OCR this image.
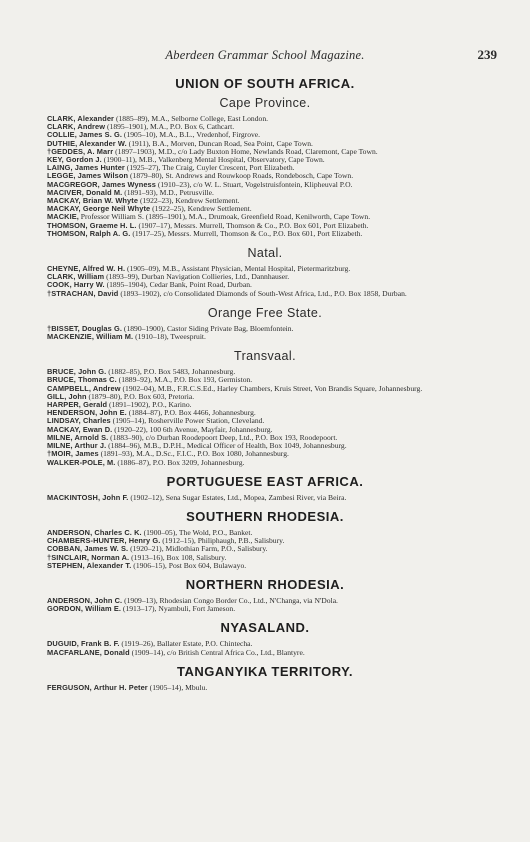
Aberdeen Grammar School Magazine.	239
UNION OF SOUTH AFRICA.
Cape Province.

CLARK, Alexander (1885–89), M.A., Selborne College, East London.

CLARK, Andrew (1895–1901), M.A., P.O. Box 6, Cathcart.

COLLIE, James S. G. (1905–10), M.A., B.L., Vredenhof, Firgrove.

DUTHIE, Alexander W. (1911), B.A., Morven, Duncan Road, Sea Point, Cape Town.

†GEDDES, A. Marr (1897–1903), M.D., c/o Lady Buxton Home, Newlands Road, Claremont, Cape Town.

KEY, Gordon J. (1900–11), M.B., Valkenberg Mental Hospital, Observatory, Cape Town.

LAING, James Hunter (1925–27), The Craig, Cuyler Crescent, Port Elizabeth.

LEGGE, James Wilson (1879–80), St. Andrews and Rouwkoop Roads, Rondebosch, Cape Town.

MACGREGOR, James Wyness (1910–23), c/o W. L. Stuart, Vogelstruisfontein, Klipheuval P.O.

MACIVER, Donald M. (1891–93), M.D., Petrusville.

MACKAY, Brian W. Whyte (1922–23), Kendrew Settlement.

MACKAY, George Neil Whyte (1922–25), Kendrew Settlement.

MACKIE, Professor William S. (1895–1901), M.A., Drumoak, Greenfield Road, Kenilworth, Cape Town.

THOMSON, Graeme H. L. (1907–17), Messrs. Murrell, Thomson & Co., P.O. Box 601, Port Elizabeth.

THOMSON, Ralph A. G. (1917–25), Messrs. Murrell, Thomson & Co., P.O. Box 601, Port Elizabeth.

Natal.

CHEYNE, Alfred W. H. (1905–09), M.B., Assistant Physician, Mental Hospital, Pietermaritzburg.

CLARK, William (1893–99), Durban Navigation Collieries, Ltd., Dannhauser.

COOK, Harry W. (1895–1904), Cedar Bank, Point Road, Durban.

†STRACHAN, David (1893–1902), c/o Consolidated Diamonds of South-West Africa, Ltd., P.O. Box 1858, Durban.

Orange Free State.

†BISSET, Douglas G. (1890–1900), Castor Siding Private Bag, Bloemfontein.

MACKENZIE, William M. (1910–18), Tweespruit.

Transvaal.

BRUCE, John G. (1882–85), P.O. Box 5483, Johannesburg.

BRUCE, Thomas C. (1889–92), M.A., P.O. Box 193, Germiston.

CAMPBELL, Andrew (1902–04), M.B., F.R.C.S.Ed., Harley Chambers, Kruis Street, Von Brandis Square, Johannesburg.

GILL, John (1879–80), P.O. Box 603, Pretoria.

HARPER, Gerald (1891–1902), P.O., Karino.

HENDERSON, John E. (1884–87), P.O. Box 4466, Johannesburg.

LINDSAY, Charles (1905–14), Rosherville Power Station, Cleveland.

MACKAY, Ewan D. (1920–22), 100 6th Avenue, Mayfair, Johannesburg.

MILNE, Arnold S. (1883–90), c/o Durban Roodepoort Deep, Ltd., P.O. Box 193, Roodepoort.

MILNE, Arthur J. (1884–96), M.B., D.P.H., Medical Officer of Health, Box 1049, Johannesburg.

†MOIR, James (1891–93), M.A., D.Sc., F.I.C., P.O. Box 1080, Johannesburg.

WALKER-POLE, M. (1886–87), P.O. Box 3209, Johannesburg.

PORTUGUESE EAST AFRICA.

MACKINTOSH, John F. (1902–12), Sena Sugar Estates, Ltd., Mopea, Zambesi River, via Beira.

SOUTHERN RHODESIA.

ANDERSON, Charles C. K. (1900–05), The Wold, P.O., Banket.

CHAMBERS-HUNTER, Henry G. (1912–15), Philiphaugh, P.B., Salisbury.

COBBAN, James W. S. (1920–21), Midlothian Farm, P.O., Salisbury.

†SINCLAIR, Norman A. (1913–16), Box 108, Salisbury.

STEPHEN, Alexander T. (1906–15), Post Box 604, Bulawayo.

NORTHERN RHODESIA.

ANDERSON, John C. (1909–13), Rhodesian Congo Border Co., Ltd., N'Changa, via N'Dola.

GORDON, William E. (1913–17), Nyambuli, Fort Jameson.

NYASALAND.

DUGUID, Frank B. F. (1919–26), Ballater Estate, P.O. Chintecha.

MACFARLANE, Donald (1909–14), c/o British Central Africa Co., Ltd., Blantyre.

TANGANYIKA TERRITORY.

FERGUSON, Arthur H. Peter (1905–14), Mbulu.
